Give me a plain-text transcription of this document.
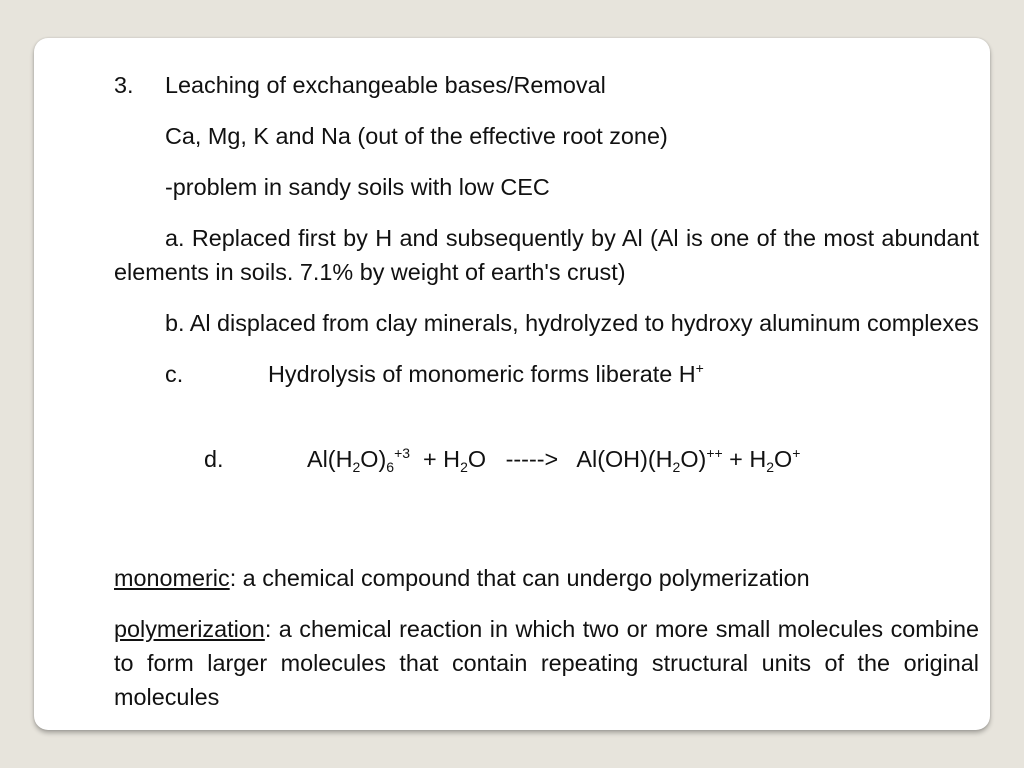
3. Leaching of exchangeable bases/Removal
Ca, Mg, K and Na (out of the effective root zone)
-problem in sandy soils with low CEC
a. Replaced first by H and subsequently by Al (Al is one of the most abundant elements in soils. 7.1% by weight of earth's crust)
b. Al displaced from clay minerals, hydrolyzed to hydroxy aluminum complexes
c.	Hydrolysis of monomeric forms liberate H+

d.	$Al(H_2O)_6^{+3} + H_2O$   ----->   $Al(OH)(H_2O)^{++} + H_2O^+$

monomeric: a chemical compound that can undergo polymerization
polymerization: a chemical reaction in which two or more small molecules combine to form larger molecules that contain repeating structural units of the original molecules
